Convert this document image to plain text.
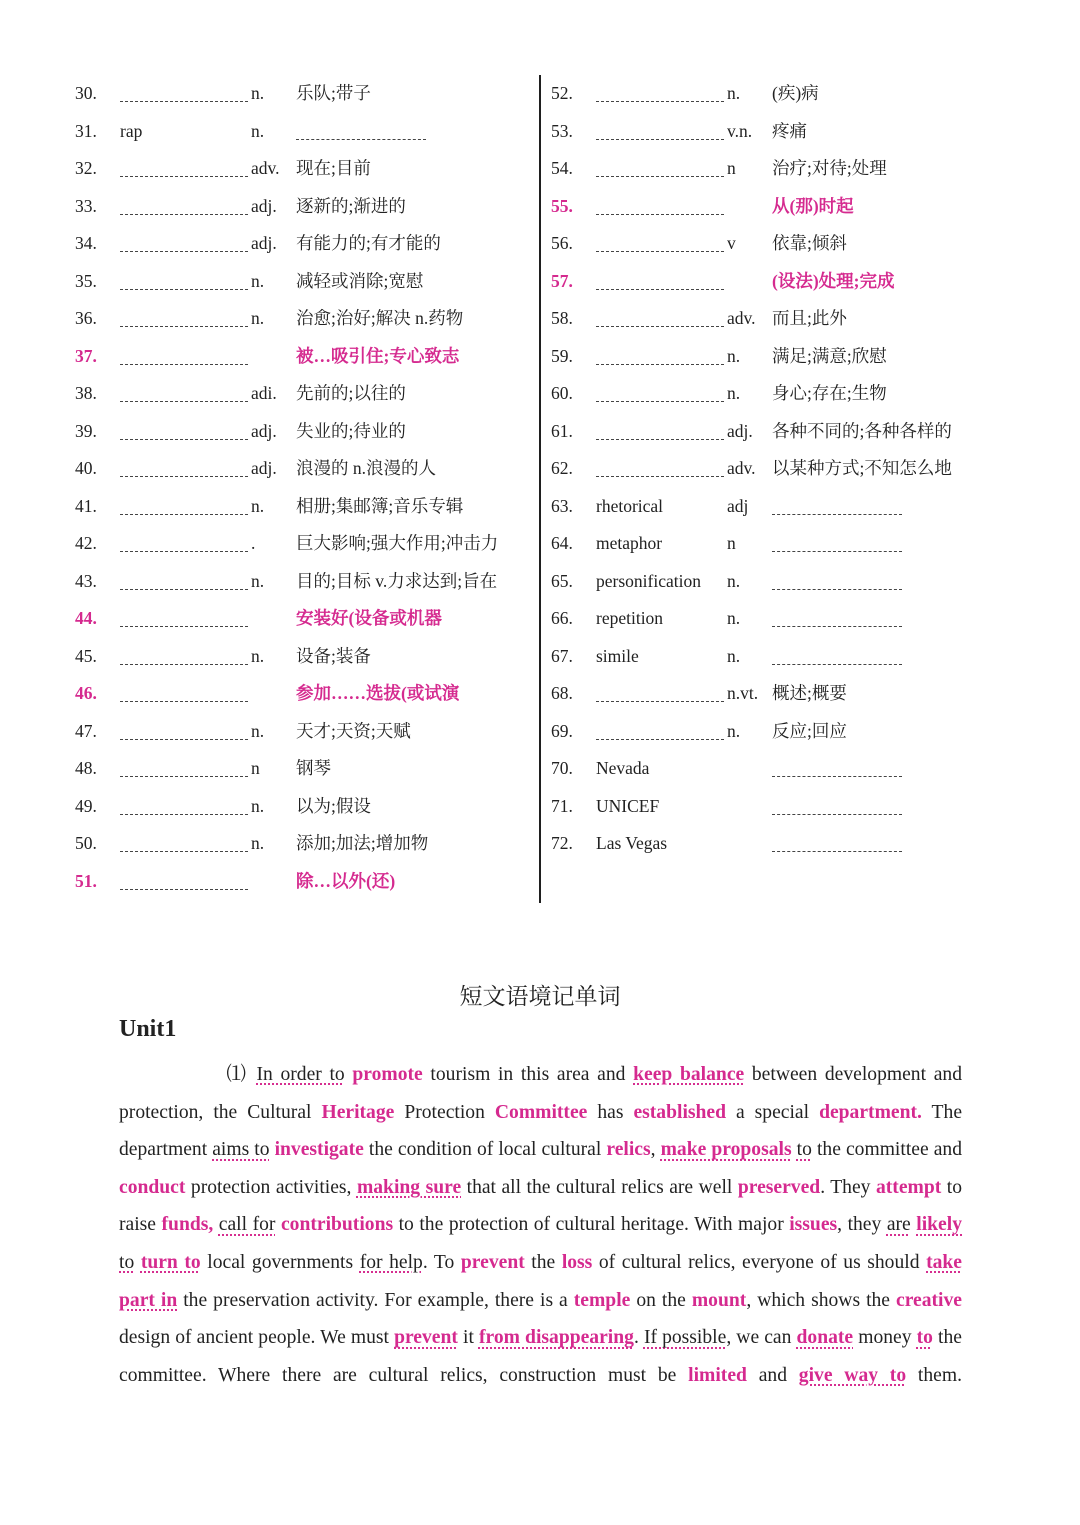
30.	n. 乐队;带子
31. rap	n.
32.	adv. 现在;目前
33.	adj. 逐新的;渐进的
34.	adj. 有能力的;有才能的
35.	n. 减轻或消除;宽慰
36.	n. 治愈;治好;解决 n.药物
37.	被…吸引住;专心致志
38.	adi. 先前的;以往的
39.	adj. 失业的;待业的
40.	adj. 浪漫的 n.浪漫的人
41.	n. 相册;集邮簿;音乐专辑
42.	. 巨大影响;强大作用;冲击力
43.	n. 目的;目标 v.力求达到;旨在
44.	安装好(设备或机器
45.	n. 设备;装备
46.	参加……选拔(或试演
47.	n. 天才;天资;天赋
48.	n 钢琴
49.	n. 以为;假设
50.	n. 添加;加法;增加物
51.	除…以外(还)
52.	n. (疾)病
53.	v.n. 疼痛
54.	n 治疗;对待;处理
55.	从(那)时起
56.	v 依靠;倾斜
57.	(设法)处理;完成
58.	adv. 而且;此外
59.	n. 满足;满意;欣慰
60.	n. 身心;存在;生物
61.	adj. 各种不同的;各种各样的
62.	adv. 以某种方式;不知怎么地
63. rhetorical	adj
64. metaphor	n
65. personification n.
66. repetition	n.
67. simile	n.
68.	n.vt. 概述;概要
69.	n. 反应;回应
70. Nevada
71. UNICEF
72. Las Vegas
短文语境记单词
Unit1
⑴ In order to promote tourism in this area and keep balance between development and protection, the Cultural Heritage Protection Committee has established a special department. The department aims to investigate the condition of local cultural relics, make proposals to the committee and conduct protection activities, making sure that all the cultural relics are well preserved. They attempt to raise funds, call for contributions to the protection of cultural heritage. With major issues, they are likely to turn to local governments for help. To prevent the loss of cultural relics, everyone of us should take part in the preservation activity. For example, there is a temple on the mount, which shows the creative design of ancient people. We must prevent it from disappearing. If possible, we can donate money to the committee. Where there are cultural relics, construction must be limited and give way to them.
